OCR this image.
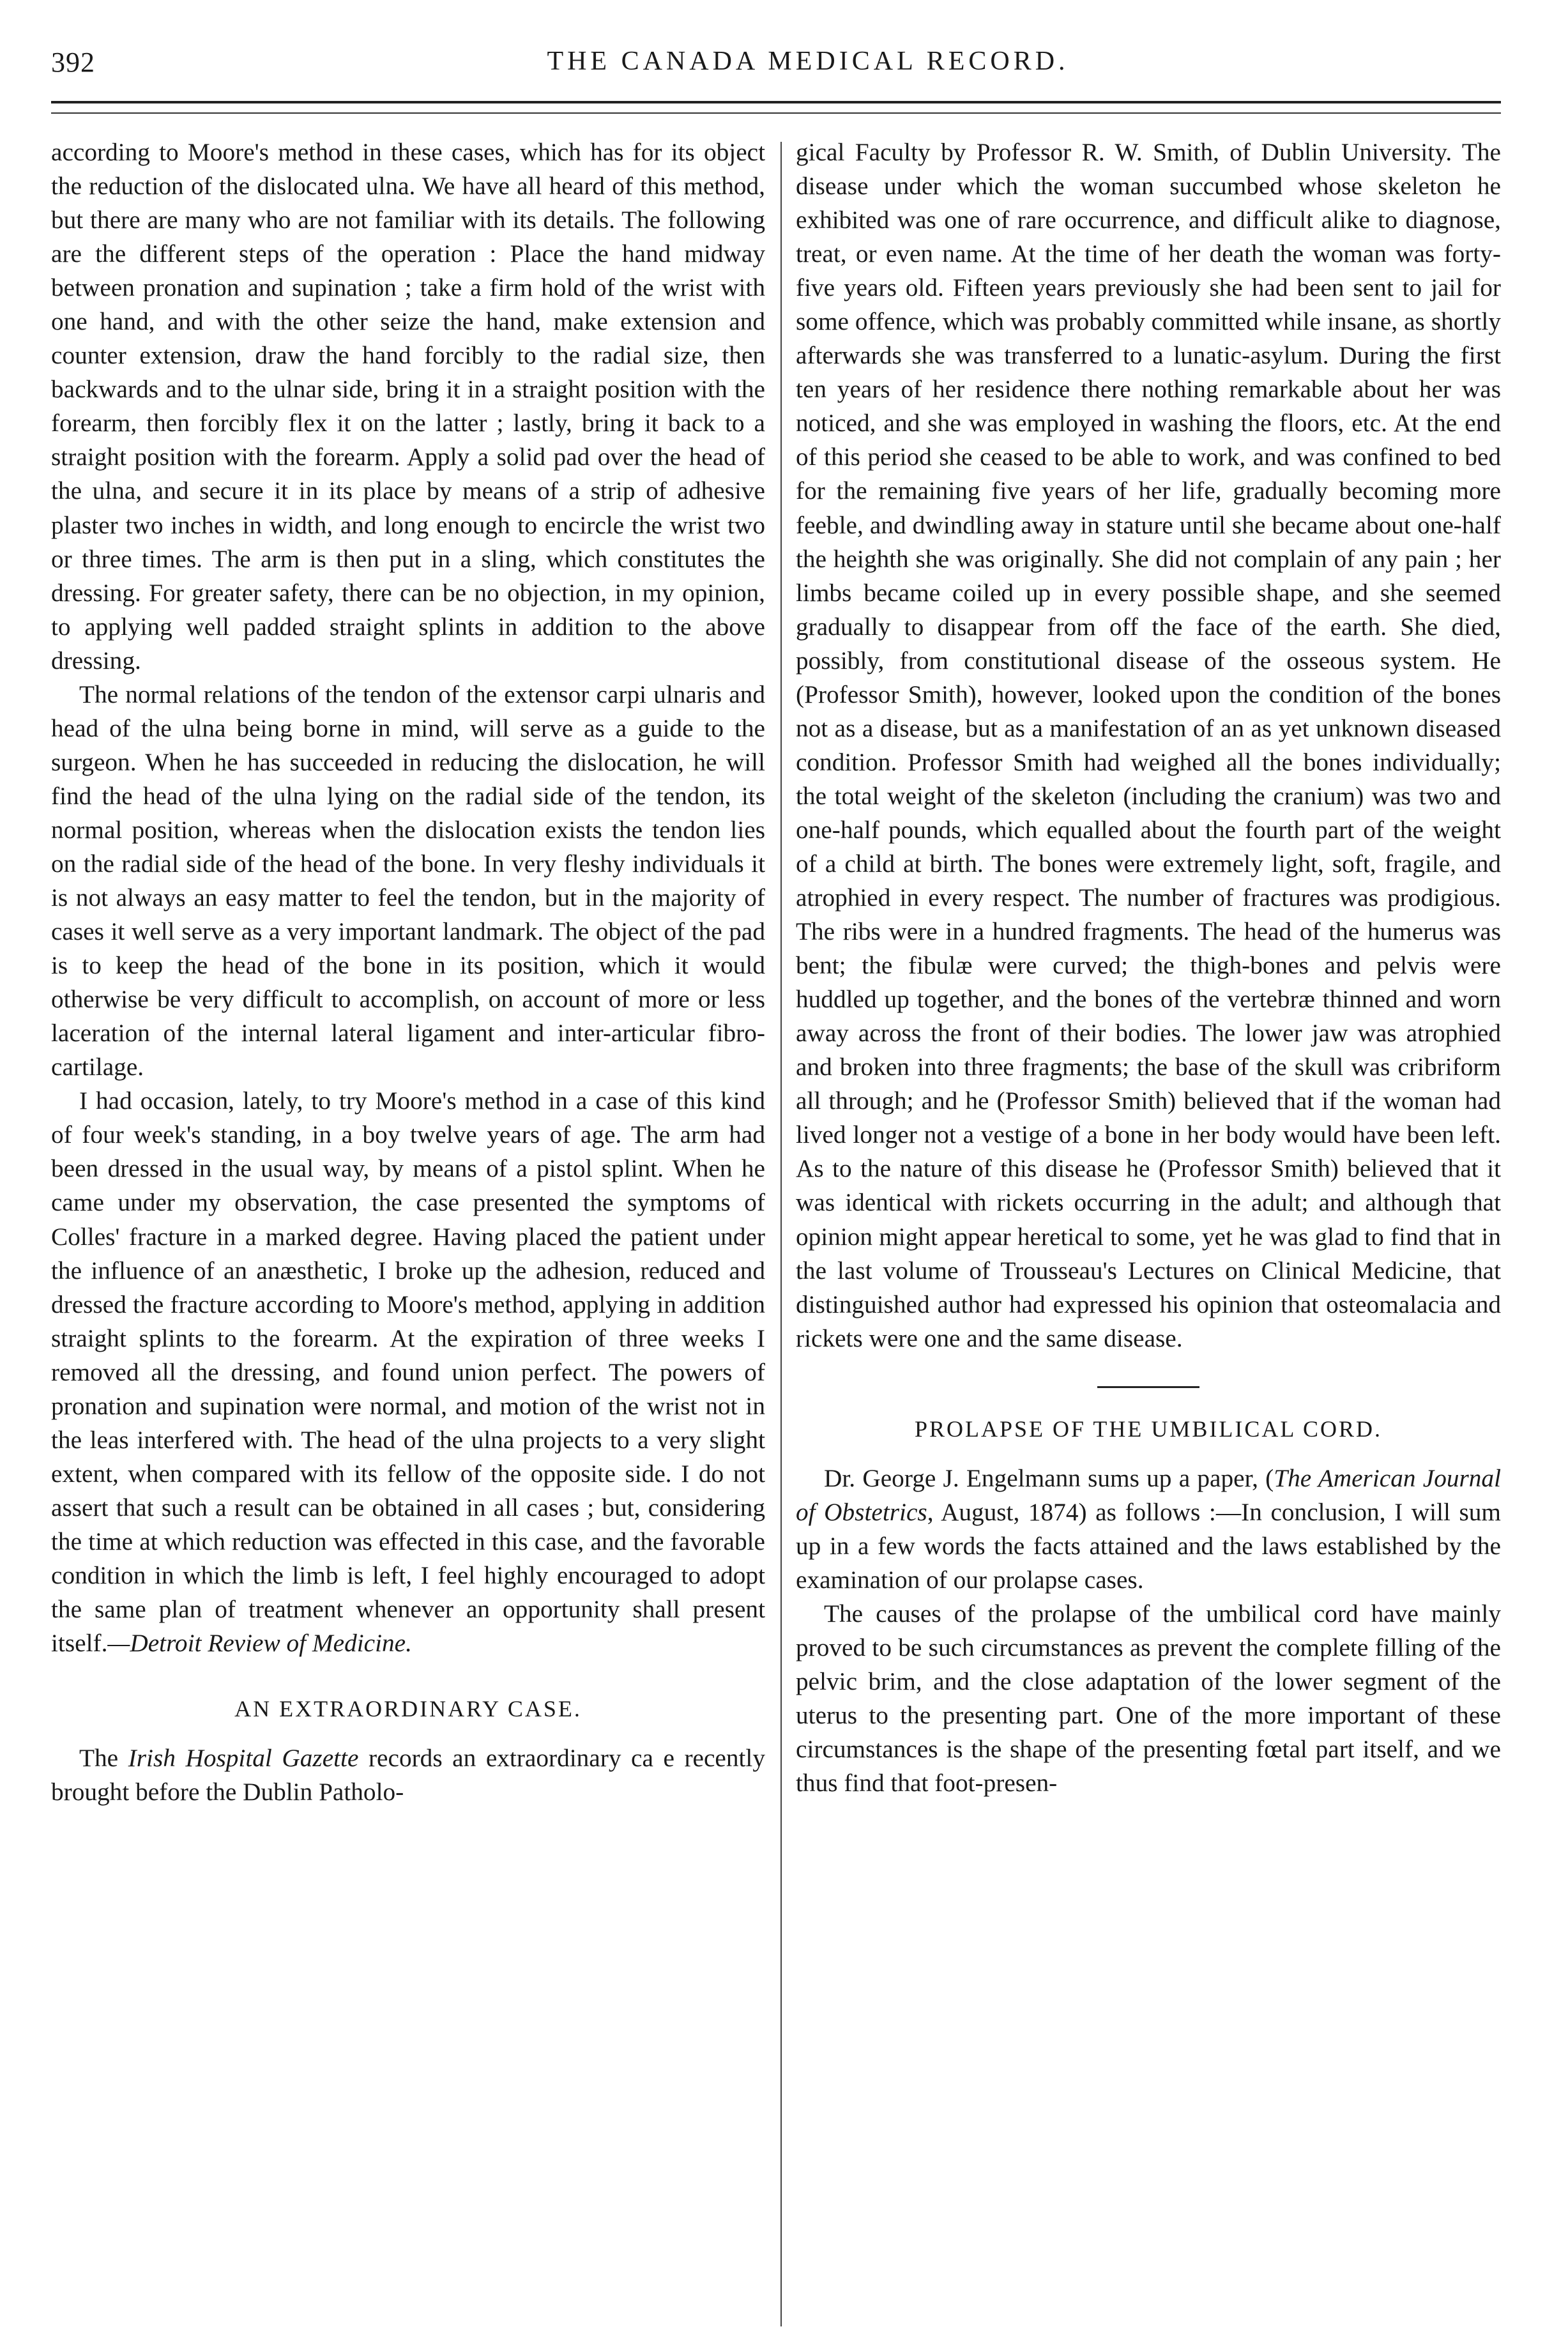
392	THE CANADA MEDICAL RECORD.

according to Moore's method in these cases, which has for its object the reduction of the dislocated ulna. We have all heard of this method, but there are many who are not familiar with its details. The following are the different steps of the operation : Place the hand midway between pronation and supination ; take a firm hold of the wrist with one hand, and with the other seize the hand, make extension and counter extension, draw the hand forcibly to the radial size, then backwards and to the ulnar side, bring it in a straight position with the forearm, then forcibly flex it on the latter ; lastly, bring it back to a straight position with the forearm. Apply a solid pad over the head of the ulna, and secure it in its place by means of a strip of adhesive plaster two inches in width, and long enough to encircle the wrist two or three times. The arm is then put in a sling, which constitutes the dressing. For greater safety, there can be no objection, in my opinion, to applying well padded straight splints in addition to the above dressing.

The normal relations of the tendon of the extensor carpi ulnaris and head of the ulna being borne in mind, will serve as a guide to the surgeon. When he has succeeded in reducing the dislocation, he will find the head of the ulna lying on the radial side of the tendon, its normal position, whereas when the dislocation exists the tendon lies on the radial side of the head of the bone. In very fleshy individuals it is not always an easy matter to feel the tendon, but in the majority of cases it well serve as a very important landmark. The object of the pad is to keep the head of the bone in its position, which it would otherwise be very difficult to accomplish, on account of more or less laceration of the internal lateral ligament and inter-articular fibro-cartilage.

I had occasion, lately, to try Moore's method in a case of this kind of four week's standing, in a boy twelve years of age. The arm had been dressed in the usual way, by means of a pistol splint. When he came under my observation, the case presented the symptoms of Colles' fracture in a marked degree. Having placed the patient under the influence of an anæsthetic, I broke up the adhesion, reduced and dressed the fracture according to Moore's method, applying in addition straight splints to the forearm. At the expiration of three weeks I removed all the dressing, and found union perfect. The powers of pronation and supination were normal, and motion of the wrist not in the leas interfered with. The head of the ulna projects to a very slight extent, when compared with its fellow of the opposite side. I do not assert that such a result can be obtained in all cases ; but, considering the time at which reduction was effected in this case, and the favorable condition in which the limb is left, I feel highly encouraged to adopt the same plan of treatment whenever an opportunity shall present itself.—Detroit Review of Medicine.

AN EXTRAORDINARY CASE.

The Irish Hospital Gazette records an extraordinary ca e recently brought before the Dublin Patholo-

gical Faculty by Professor R. W. Smith, of Dublin University. The disease under which the woman succumbed whose skeleton he exhibited was one of rare occurrence, and difficult alike to diagnose, treat, or even name. At the time of her death the woman was forty-five years old. Fifteen years previously she had been sent to jail for some offence, which was probably committed while insane, as shortly afterwards she was transferred to a lunatic-asylum. During the first ten years of her residence there nothing remarkable about her was noticed, and she was employed in washing the floors, etc. At the end of this period she ceased to be able to work, and was confined to bed for the remaining five years of her life, gradually becoming more feeble, and dwindling away in stature until she became about one-half the heighth she was originally. She did not complain of any pain ; her limbs became coiled up in every possible shape, and she seemed gradually to disappear from off the face of the earth. She died, possibly, from constitutional disease of the osseous system. He (Professor Smith), however, looked upon the condition of the bones not as a disease, but as a manifestation of an as yet unknown diseased condition. Professor Smith had weighed all the bones individually; the total weight of the skeleton (including the cranium) was two and one-half pounds, which equalled about the fourth part of the weight of a child at birth. The bones were extremely light, soft, fragile, and atrophied in every respect. The number of fractures was prodigious. The ribs were in a hundred fragments. The head of the humerus was bent; the fibulæ were curved; the thigh-bones and pelvis were huddled up together, and the bones of the vertebræ thinned and worn away across the front of their bodies. The lower jaw was atrophied and broken into three fragments; the base of the skull was cribriform all through; and he (Professor Smith) believed that if the woman had lived longer not a vestige of a bone in her body would have been left. As to the nature of this disease he (Professor Smith) believed that it was identical with rickets occurring in the adult; and although that opinion might appear heretical to some, yet he was glad to find that in the last volume of Trousseau's Lectures on Clinical Medicine, that distinguished author had expressed his opinion that osteomalacia and rickets were one and the same disease.

PROLAPSE OF THE UMBILICAL CORD.

Dr. George J. Engelmann sums up a paper, (The American Journal of Obstetrics, August, 1874) as follows :—In conclusion, I will sum up in a few words the facts attained and the laws established by the examination of our prolapse cases.

The causes of the prolapse of the umbilical cord have mainly proved to be such circumstances as prevent the complete filling of the pelvic brim, and the close adaptation of the lower segment of the uterus to the presenting part. One of the more important of these circumstances is the shape of the presenting fœtal part itself, and we thus find that foot-presen-
